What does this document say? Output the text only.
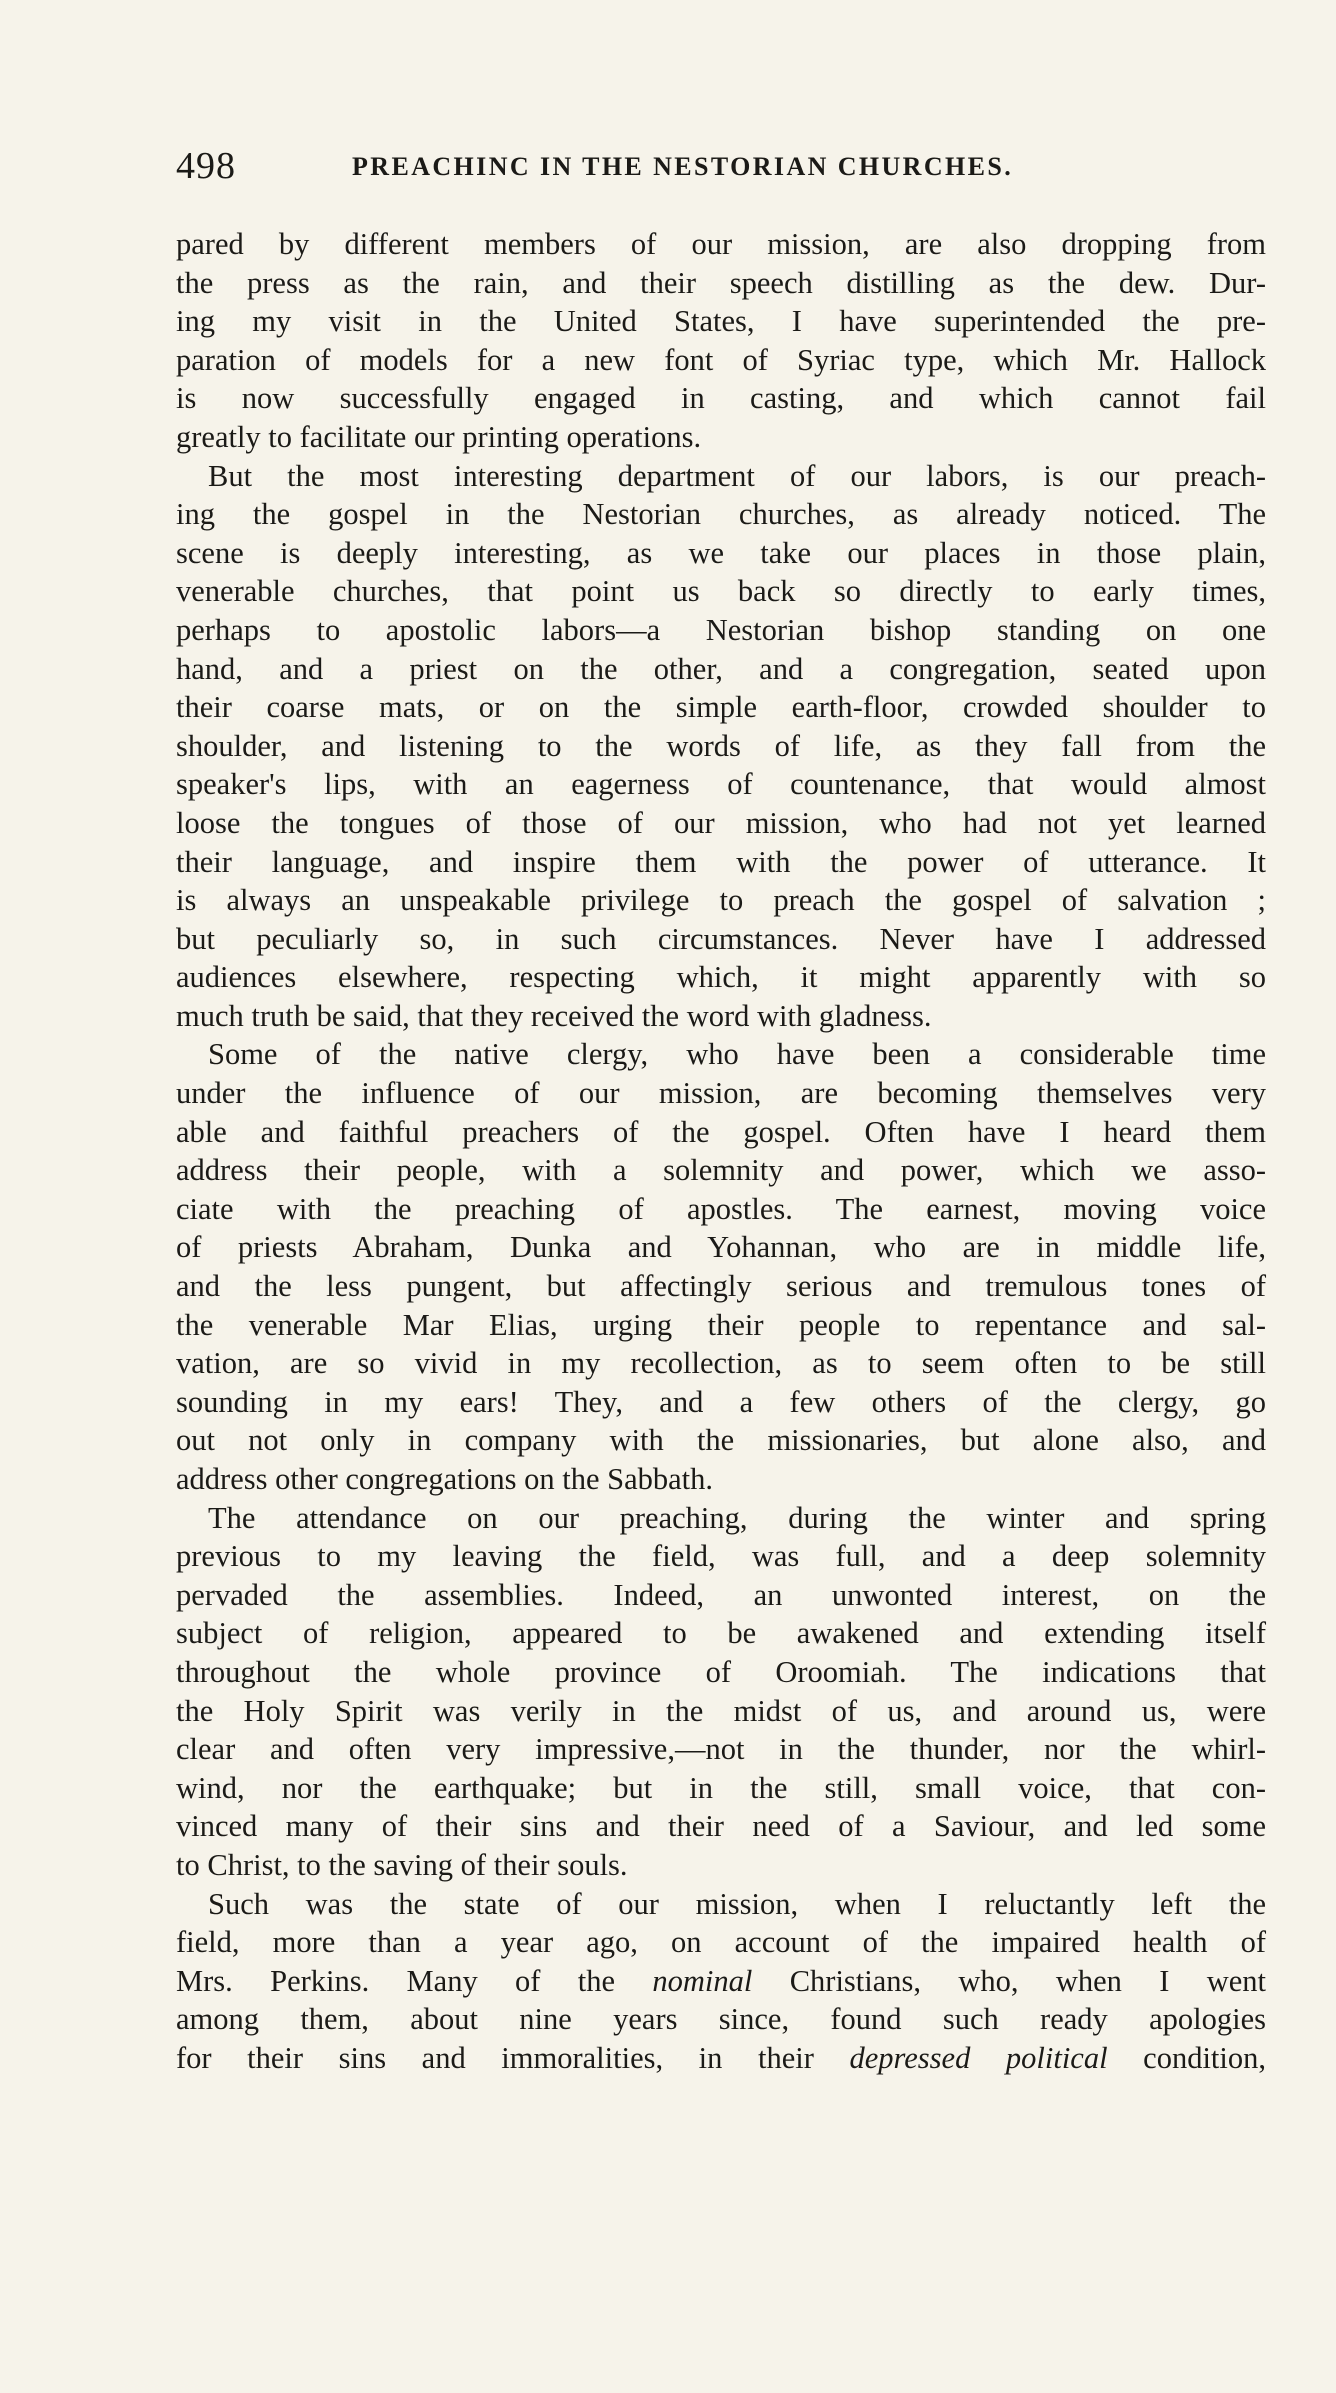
498	PREACHINC IN THE NESTORIAN CHURCHES.
pared by different members of our mission, are also dropping from
the press as the rain, and their speech distilling as the dew. Dur-
ing my visit in the United States, I have superintended the pre-
paration of models for a new font of Syriac type, which Mr. Hallock
is now successfully engaged in casting, and which cannot fail
greatly to facilitate our printing operations.
But the most interesting department of our labors, is our preach-
ing the gospel in the Nestorian churches, as already noticed. The
scene is deeply interesting, as we take our places in those plain,
venerable churches, that point us back so directly to early times,
perhaps to apostolic labors—a Nestorian bishop standing on one
hand, and a priest on the other, and a congregation, seated upon
their coarse mats, or on the simple earth-floor, crowded shoulder to
shoulder, and listening to the words of life, as they fall from the
speaker's lips, with an eagerness of countenance, that would almost
loose the tongues of those of our mission, who had not yet learned
their language, and inspire them with the power of utterance. It
is always an unspeakable privilege to preach the gospel of salvation ;
but peculiarly so, in such circumstances. Never have I addressed
audiences elsewhere, respecting which, it might apparently with so
much truth be said, that they received the word with gladness.
Some of the native clergy, who have been a considerable time
under the influence of our mission, are becoming themselves very
able and faithful preachers of the gospel. Often have I heard them
address their people, with a solemnity and power, which we asso-
ciate with the preaching of apostles. The earnest, moving voice
of priests Abraham, Dunka and Yohannan, who are in middle life,
and the less pungent, but affectingly serious and tremulous tones of
the venerable Mar Elias, urging their people to repentance and sal-
vation, are so vivid in my recollection, as to seem often to be still
sounding in my ears! They, and a few others of the clergy, go
out not only in company with the missionaries, but alone also, and
address other congregations on the Sabbath.
The attendance on our preaching, during the winter and spring
previous to my leaving the field, was full, and a deep solemnity
pervaded the assemblies. Indeed, an unwonted interest, on the
subject of religion, appeared to be awakened and extending itself
throughout the whole province of Oroomiah. The indications that
the Holy Spirit was verily in the midst of us, and around us, were
clear and often very impressive,—not in the thunder, nor the whirl-
wind, nor the earthquake; but in the still, small voice, that con-
vinced many of their sins and their need of a Saviour, and led some
to Christ, to the saving of their souls.
Such was the state of our mission, when I reluctantly left the
field, more than a year ago, on account of the impaired health of
Mrs. Perkins. Many of the nominal Christians, who, when I went
among them, about nine years since, found such ready apologies
for their sins and immoralities, in their depressed political condition,
